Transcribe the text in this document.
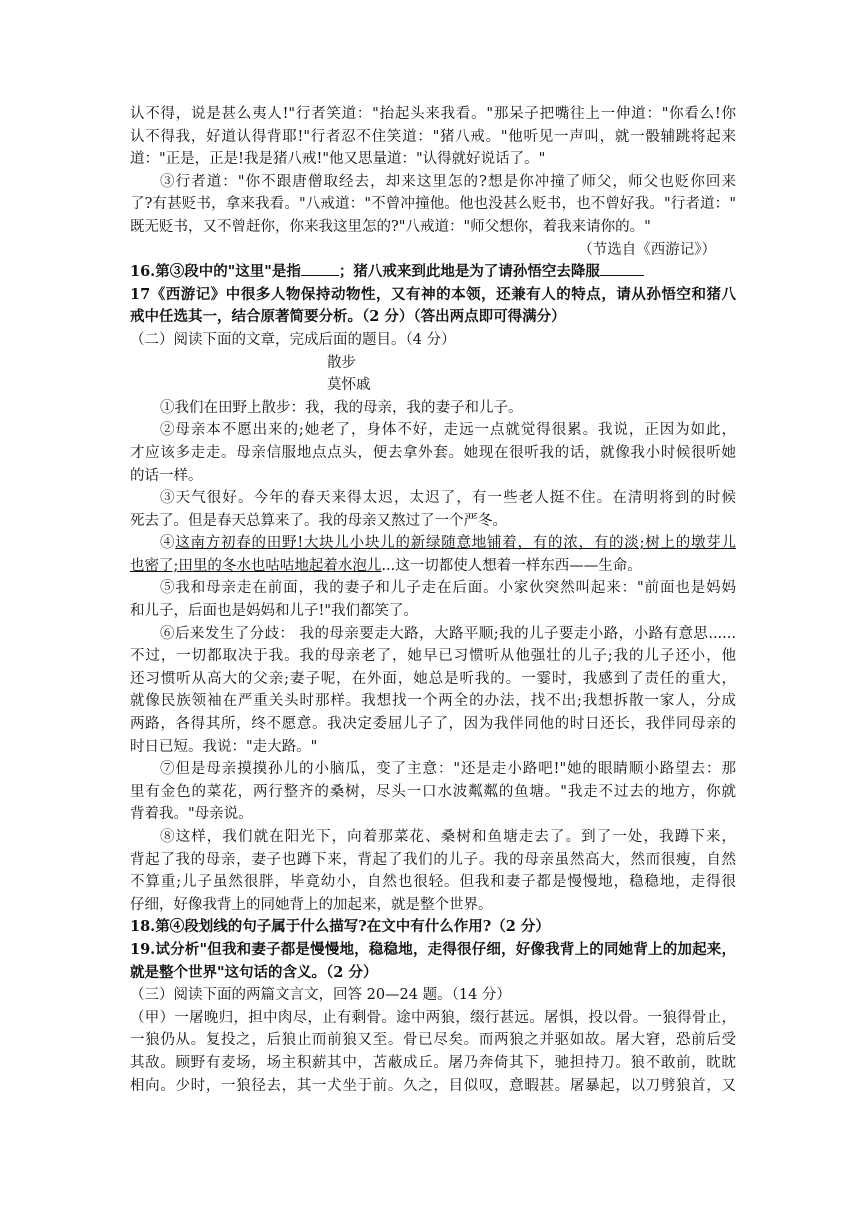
认不得，说是甚么夷人!"行者笑道："抬起头来我看。"那呆子把嘴往上一伸道："你看么!你
认不得我，好道认得背耶!"行者忍不住笑道："猪八戒。"他听见一声叫，就一骰辅跳将起来
道："正是，正是!我是猪八戒!"他又思量道："认得就好说话了。"
③行者道："你不跟唐僧取经去，却来这里怎的?想是你冲撞了师父，师父也贬你回来
了?有甚贬书，拿来我看。"八戒道："不曾冲撞他。他也没甚么贬书，也不曾好我。"行者道："
既无贬书，又不曾赶你，你来我这里怎的?"八戒道："师父想你，着我来请你的。"
（节选自《西游记》）
16.第③段中的"这里"是指	；猪八戒来到此地是为了请孙悟空去降服
17《西游记》中很多人物保持动物性，又有神的本领，还兼有人的特点，请从孙悟空和猪八
戒中任选其一，结合原著简要分析。（2 分）（答出两点即可得满分）
（二）阅读下面的文章，完成后面的题目。（4 分）
散步
莫怀戚
①我们在田野上散步：我，我的母亲，我的妻子和儿子。
②母亲本不愿出来的;她老了，身体不好，走远一点就觉得很累。我说，正因为如此，
才应该多走走。母亲信服地点点头，便去拿外套。她现在很听我的话，就像我小时候很听她
的话一样。
③天气很好。今年的春天来得太迟，太迟了，有一些老人挺不住。在清明将到的时候
死去了。但是春天总算来了。我的母亲又熬过了一个严冬。
④这南方初春的田野!大块儿小块儿的新绿随意地铺着，有的浓，有的淡;树上的墩芽儿
也密了;田里的冬水也咕咕地起着水泡儿...这一切都使人想着一样东西——生命。
⑤我和母亲走在前面，我的妻子和儿子走在后面。小家伙突然叫起来："前面也是妈妈
和儿子，后面也是妈妈和儿子!"我们都笑了。
⑥后来发生了分歧： 我的母亲要走大路，大路平顺;我的儿子要走小路，小路有意思......
不过，一切都取决于我。我的母亲老了，她早已习惯听从他强壮的儿子;我的儿子还小，他
还习惯听从高大的父亲;妻子呢，在外面，她总是听我的。一霎时，我感到了责任的重大，
就像民族领袖在严重关头时那样。我想找一个两全的办法，找不出;我想拆散一家人，分成
两路，各得其所，终不愿意。我决定委屈儿子了，因为我伴同他的时日还长，我伴同母亲的
时日已短。我说："走大路。"
⑦但是母亲摸摸孙儿的小脑瓜，变了主意："还是走小路吧!"她的眼睛顺小路望去：那
里有金色的菜花，两行整齐的桑树，尽头一口水波粼粼的鱼塘。"我走不过去的地方，你就
背着我。"母亲说。
⑧这样，我们就在阳光下，向着那菜花、桑树和鱼塘走去了。到了一处，我蹲下来，
背起了我的母亲，妻子也蹲下来，背起了我们的儿子。我的母亲虽然高大，然而很瘦，自然
不算重;儿子虽然很胖，毕竟幼小，自然也很轻。但我和妻子都是慢慢地，稳稳地，走得很
仔细，好像我背上的同她背上的加起来，就是整个世界。
18.第④段划线的句子属于什么描写?在文中有什么作用?（2 分）
19.试分析"但我和妻子都是慢慢地，稳稳地，走得很仔细，好像我背上的同她背上的加起来，
就是整个世界"这句话的含义。（2 分）
（三）阅读下面的两篇文言文，回答 20—24 题。（14 分）
（甲）一屠晚归，担中肉尽，止有剩骨。途中两狼，缀行甚远。屠惧，投以骨。一狼得骨止，
一狼仍从。复投之，后狼止而前狼又至。骨已尽矣。而两狼之并驱如故。屠大窘，恐前后受
其敌。顾野有麦场，场主积薪其中，苫蔽成丘。屠乃奔倚其下，驰担持刀。狼不敢前，眈眈
相向。少时，一狼径去，其一犬坐于前。久之，目似叹，意暇甚。屠暴起，以刀劈狼首，又
